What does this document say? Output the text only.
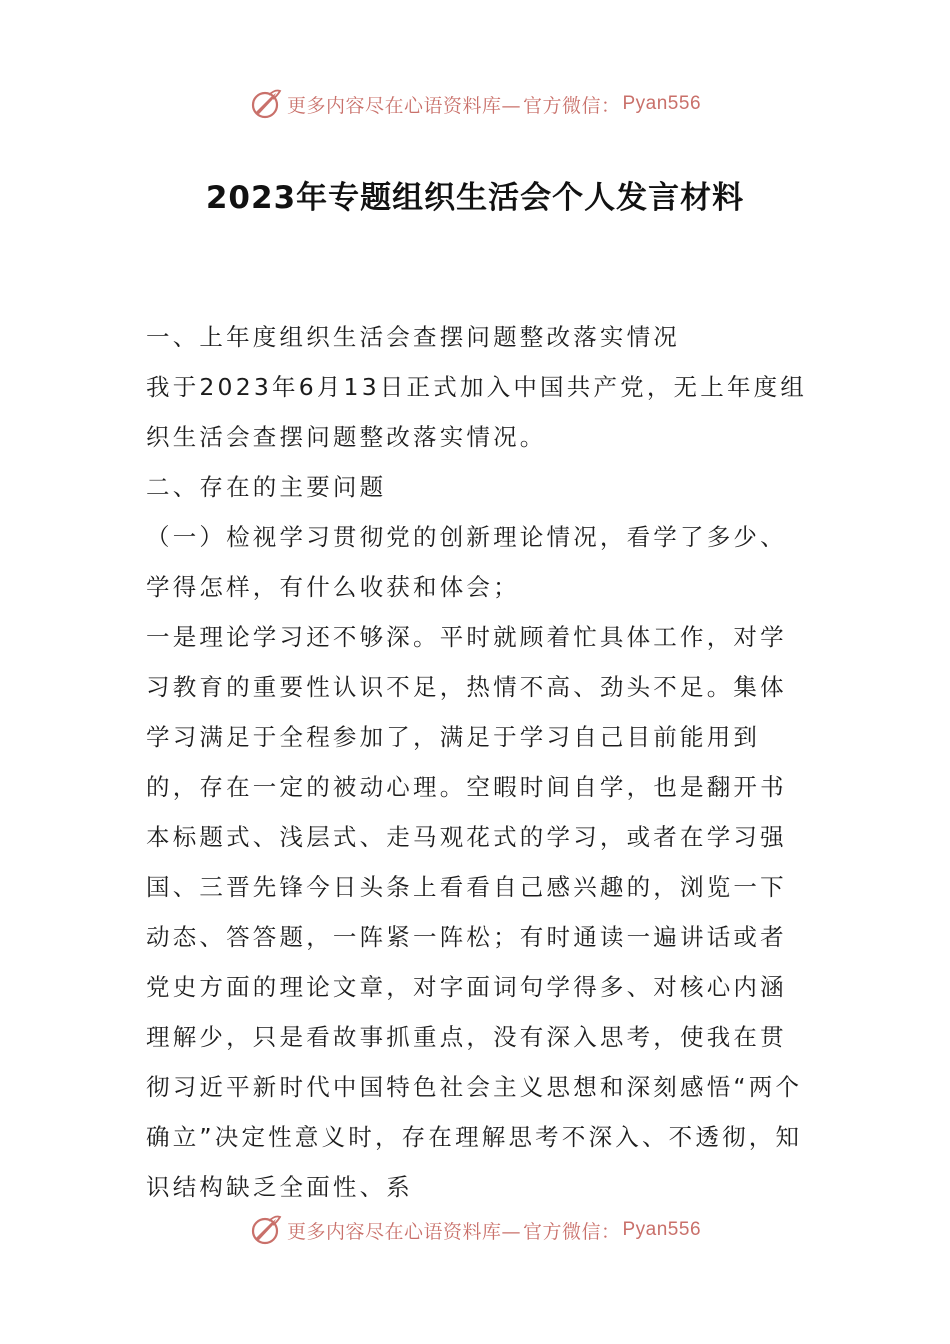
更多内容尽在心语资料库— 官方微信： Pyan556
2023年专题组织生活会个人发言材料

一、上年度组织生活会查摆问题整改落实情况

我于2023年6月13日正式加入中国共产党，无上年度组织生活会查摆问题整改落实情况。

二、存在的主要问题

（一）检视学习贯彻党的创新理论情况，看学了多少、学得怎样，有什么收获和体会；

一是理论学习还不够深。平时就顾着忙具体工作，对学习教育的重要性认识不足，热情不高、劲头不足。集体学习满足于全程参加了，满足于学习自己目前能用到的，存在一定的被动心理。空暇时间自学，也是翻开书本标题式、浅层式、走马观花式的学习，或者在学习强国、三晋先锋今日头条上看看自己感兴趣的，浏览一下动态、答答题，一阵紧一阵松；有时通读一遍讲话或者党史方面的理论文章，对字面词句学得多、对核心内涵理解少，只是看故事抓重点，没有深入思考，使我在贯彻习近平新时代中国特色社会主义思想和深刻感悟“两个确立”决定性意义时，存在理解思考不深入、不透彻，知识结构缺乏全面性、系

更多内容尽在心语资料库— 官方微信： Pyan556
